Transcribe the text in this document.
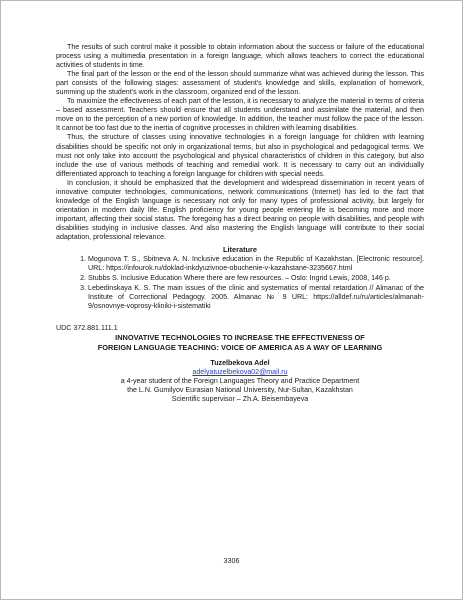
The results of such control make it possible to obtain information about the success or failure of the educational process using a multimedia presentation in a foreign language, which allows teachers to correct the educational activities of students in time.

The final part of the lesson or the end of the lesson should summarize what was achieved during the lesson. This part consists of the following stages: assessment of student's knowledge and skills, explanation of homework, summing up the student's work in the classroom, organized end of the lesson.

To maximize the effectiveness of each part of the lesson, it is necessary to analyze the material in terms of criteria – based assessment. Teachers should ensure that all students understand and assimilate the material, and then move on to the perception of a new portion of knowledge. In addition, the teacher must follow the pace of the lesson. It cannot be too fast due to the inertia of cognitive processes in children with learning disabilities.

Thus, the structure of classes using innovative technologies in a foreign language for children with learning disabilities should be specific not only in organizational terms, but also in psychological and pedagogical terms. We must not only take into account the psychological and physical characteristics of children in this category, but also include the use of various methods of teaching and remedial work. It is necessary to carry out an individually differentiated approach to teaching a foreign language for children with special needs.

In conclusion, it should be emphasized that the development and widespread dissemination in recent years of innovative computer technologies, communications, network communications (Internet) has led to the fact that knowledge of the English language is necessary not only for many types of professional activity, but largely for orientation in modern daily life. English proficiency for young people entering life is becoming more and more important, affecting their social status. The foregoing has a direct bearing on people with disabilities, and people with disabilities studying in inclusive classes. And also mastering the English language willl contribute to their social adaptation, professional relevance.

Literature
1. Mogunova T. S., Sbitneva A. N. Inclusive education in the Republic of Kazakhstan. [Electronic resource]. URL: https://infourok.ru/doklad-inkdyuzivnoe-obuchenie-v-kazahstane-3235667.html
2. Stubbs S. Inclusive Education Where there are few resources. – Oslo: Ingrid Lewis, 2008, 146 p.
3. Lebedinskaya K. S. The main issues of the clinic and systematics of mental retardation // Almanac of the Institute of Correctional Pedagogy. 2005. Almanac № 9 URL: https://alldef.ru/ru/articles/almanah-9/osnovnye-voprosy-kliniki-i-sistematiki
UDC 372.881.111.1
INNOVATIVE TECHNOLOGIES TO INCREASE THE EFFECTIVENESS OF
FOREIGN LANGUAGE TEACHING: VOICE OF AMERICA AS A WAY OF LEARNING
Tuzelbekova Adel
adelyatuzelbekova02@mail.ru
a 4-year student of the Foreign Languages Theory and Practice Department
the L.N. Gumilyov Eurasian National University, Nur-Sultan, Kazakhstan
Scientific supervisor – Zh.A. Beisembayeva
3306
